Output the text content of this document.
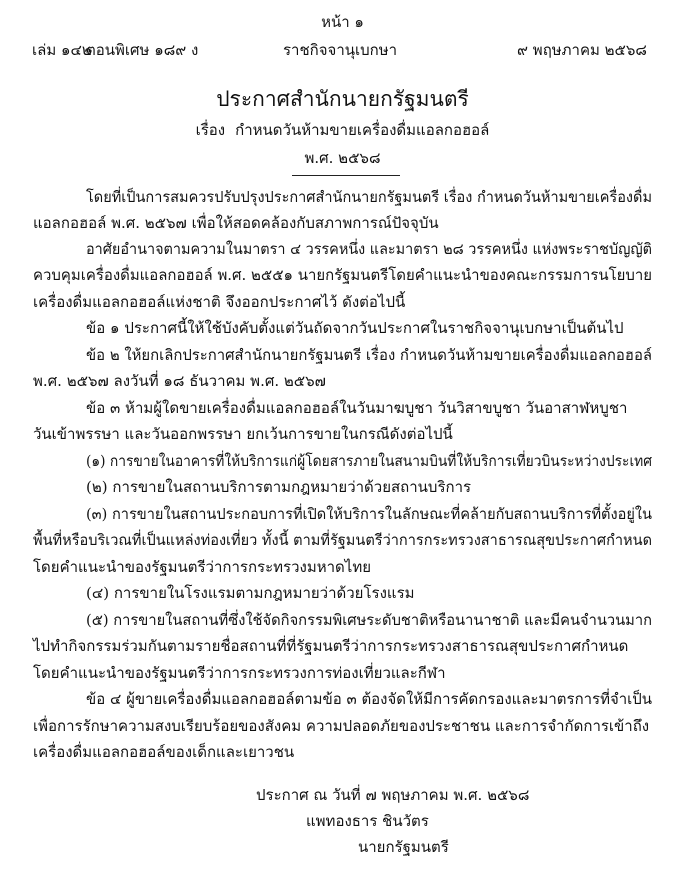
หน้า ๑
เล่ม ๑๔๒
ตอนพิเศษ ๑๘๙ ง	ราชกิจจานุเบกษา	๙ พฤษภาคม ๒๕๖๘
ประกาศสำนักนายกรัฐมนตรี
เรื่อง กำหนดวันห้ามขายเครื่องดื่มแอลกอฮอล์
พ.ศ. ๒๕๖๘
โดยที่เป็นการสมควรปรับปรุงประกาศสำนักนายกรัฐมนตรี เรื่อง กำหนดวันห้ามขายเครื่องดื่ม
แอลกอฮอล์ พ.ศ. ๒๕๖๗ เพื่อให้สอดคล้องกับสภาพการณ์ปัจจุบัน
อาศัยอำนาจตามความในมาตรา ๔ วรรคหนึ่ง และมาตรา ๒๘ วรรคหนึ่ง แห่งพระราชบัญญัติ
ควบคุมเครื่องดื่มแอลกอฮอล์ พ.ศ. ๒๕๕๑ นายกรัฐมนตรีโดยคำแนะนำของคณะกรรมการนโยบาย
เครื่องดื่มแอลกอฮอล์แห่งชาติ จึงออกประกาศไว้ ดังต่อไปนี้
ข้อ ๑ ประกาศนี้ให้ใช้บังคับตั้งแต่วันถัดจากวันประกาศในราชกิจจานุเบกษาเป็นต้นไป
ข้อ ๒ ให้ยกเลิกประกาศสำนักนายกรัฐมนตรี เรื่อง กำหนดวันห้ามขายเครื่องดื่มแอลกอฮอล์
พ.ศ. ๒๕๖๗ ลงวันที่ ๑๘ ธันวาคม พ.ศ. ๒๕๖๗
ข้อ ๓ ห้ามผู้ใดขายเครื่องดื่มแอลกอฮอล์ในวันมาฆบูชา วันวิสาขบูชา วันอาสาฬหบูชา
วันเข้าพรรษา และวันออกพรรษา ยกเว้นการขายในกรณีดังต่อไปนี้
(๑) การขายในอาคารที่ให้บริการแก่ผู้โดยสารภายในสนามบินที่ให้บริการเที่ยวบินระหว่างประเทศ
(๒) การขายในสถานบริการตามกฎหมายว่าด้วยสถานบริการ
(๓) การขายในสถานประกอบการที่เปิดให้บริการในลักษณะที่คล้ายกับสถานบริการที่ตั้งอยู่ใน
พื้นที่หรือบริเวณที่เป็นแหล่งท่องเที่ยว ทั้งนี้ ตามที่รัฐมนตรีว่าการกระทรวงสาธารณสุขประกาศกำหนด
โดยคำแนะนำของรัฐมนตรีว่าการกระทรวงมหาดไทย
(๔) การขายในโรงแรมตามกฎหมายว่าด้วยโรงแรม
(๕) การขายในสถานที่ซึ่งใช้จัดกิจกรรมพิเศษระดับชาติหรือนานาชาติ และมีคนจำนวนมาก
ไปทำกิจกรรมร่วมกันตามรายชื่อสถานที่ที่รัฐมนตรีว่าการกระทรวงสาธารณสุขประกาศกำหนด
โดยคำแนะนำของรัฐมนตรีว่าการกระทรวงการท่องเที่ยวและกีฬา
ข้อ ๔ ผู้ขายเครื่องดื่มแอลกอฮอล์ตามข้อ ๓ ต้องจัดให้มีการคัดกรองและมาตรการที่จำเป็น
เพื่อการรักษาความสงบเรียบร้อยของสังคม ความปลอดภัยของประชาชน และการจำกัดการเข้าถึง
เครื่องดื่มแอลกอฮอล์ของเด็กและเยาวชน
ประกาศ ณ วันที่ ๗ พฤษภาคม พ.ศ. ๒๕๖๘
แพทองธาร ชินวัตร
นายกรัฐมนตรี
